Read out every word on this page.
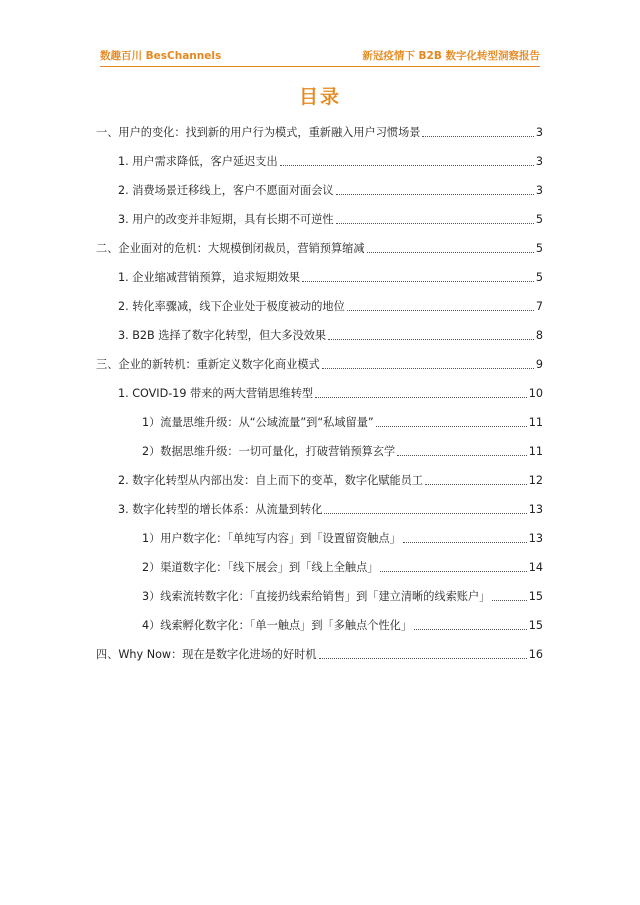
数趣百川 BesChannels	新冠疫情下 B2B 数字化转型洞察报告
目录
一、用户的变化：找到新的用户行为模式，重新融入用户习惯场景	3
1. 用户需求降低，客户延迟支出	3
2. 消费场景迁移线上，客户不愿面对面会议	3
3. 用户的改变并非短期，具有长期不可逆性	5
二、企业面对的危机：大规模倒闭裁员，营销预算缩减	5
1. 企业缩减营销预算，追求短期效果	5
2. 转化率骤减，线下企业处于极度被动的地位	7
3. B2B 选择了数字化转型，但大多没效果	8
三、企业的新转机：重新定义数字化商业模式	9
1. COVID-19 带来的两大营销思维转型	10
1）流量思维升级：从“公域流量”到“私域留量”	11
2）数据思维升级：一切可量化，打破营销预算玄学	11
2. 数字化转型从内部出发：自上而下的变革，数字化赋能员工	12
3. 数字化转型的增长体系：从流量到转化	13
1）用户数字化：「单纯写内容」到「设置留资触点」	13
2）渠道数字化：「线下展会」到「线上全触点」	14
3）线索流转数字化：「直接扔线索给销售」到「建立清晰的线索账户」	15
4）线索孵化数字化：「单一触点」到「多触点个性化」	15
四、Why Now：现在是数字化进场的好时机	16
